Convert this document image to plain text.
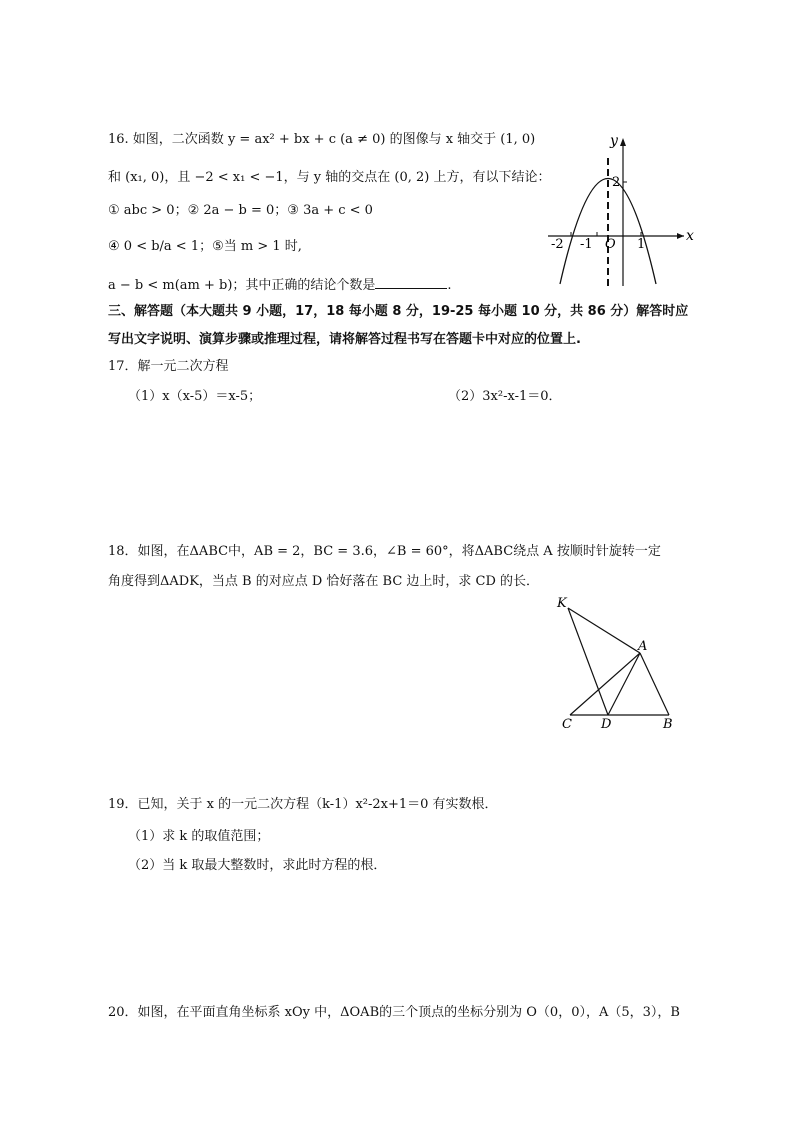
16. 如图，二次函数 y = ax² + bx + c (a ≠ 0) 的图像与 x 轴交于 (1, 0)
和 (x₁, 0)，且 −2 < x₁ < −1，与 y 轴的交点在 (0, 2) 上方，有以下结论：
① abc > 0；② 2a − b = 0；③ 3a + c < 0
④ 0 < b/a < 1；⑤当 m > 1 时,
a − b < m(am + b)；其中正确的结论个数是	.
x
y
O
-2 -1	1
2
三、解答题（本大题共 9 小题，17，18 每小题 8 分，19-25 每小题 10 分，共 86 分）解答时应
写出文字说明、演算步骤或推理过程，请将解答过程书写在答题卡中对应的位置上.
17．解一元二次方程
（1）x（x-5）＝x-5；	（2）3x²-x-1＝0．
18．如图，在ΔABC中，AB = 2，BC = 3.6，∠B = 60°，将ΔABC绕点 A 按顺时针旋转一定
角度得到ΔADK，当点 B 的对应点 D 恰好落在 BC 边上时，求 CD 的长．
K
A
C D	B
19．已知，关于 x 的一元二次方程（k-1）x²-2x+1＝0 有实数根．
（1）求 k 的取值范围；
（2）当 k 取最大整数时，求此时方程的根．
20．如图，在平面直角坐标系 xOy 中，ΔOAB的三个顶点的坐标分别为 O（0，0），A（5，3），B
